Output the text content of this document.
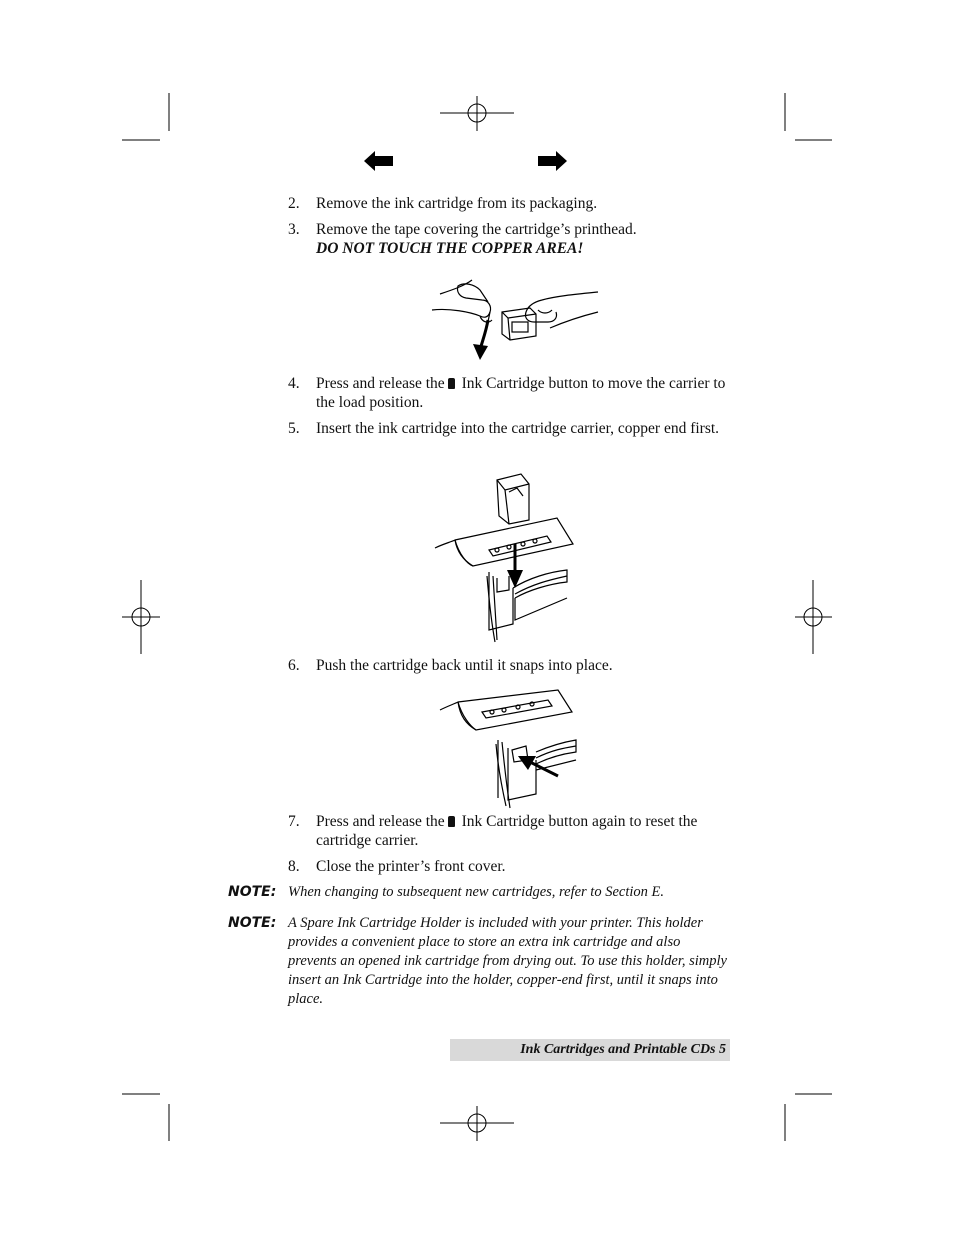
2.	Remove the ink cartridge from its packaging.
3.	Remove the tape covering the cartridge’s printhead.
DO NOT TOUCH THE COPPER AREA!
4.	Press and release the Ink Cartridge button to move the carrier to the load position.
5.	Insert the ink cartridge into the cartridge carrier, copper end first.
6.	Push the cartridge back until it snaps into place.
7.	Press and release the Ink Cartridge button again to reset the cartridge carrier.
8.	Close the printer’s front cover.
NOTE: When changing to subsequent new cartridges, refer to Section E.
NOTE: A Spare Ink Cartridge Holder is included with your printer. This holder provides a convenient place to store an extra ink cartridge and also prevents an opened ink cartridge from drying out. To use this holder, simply insert an Ink Cartridge into the holder, copper-end first, until it snaps into place.
Ink Cartridges and Printable CDs 5
